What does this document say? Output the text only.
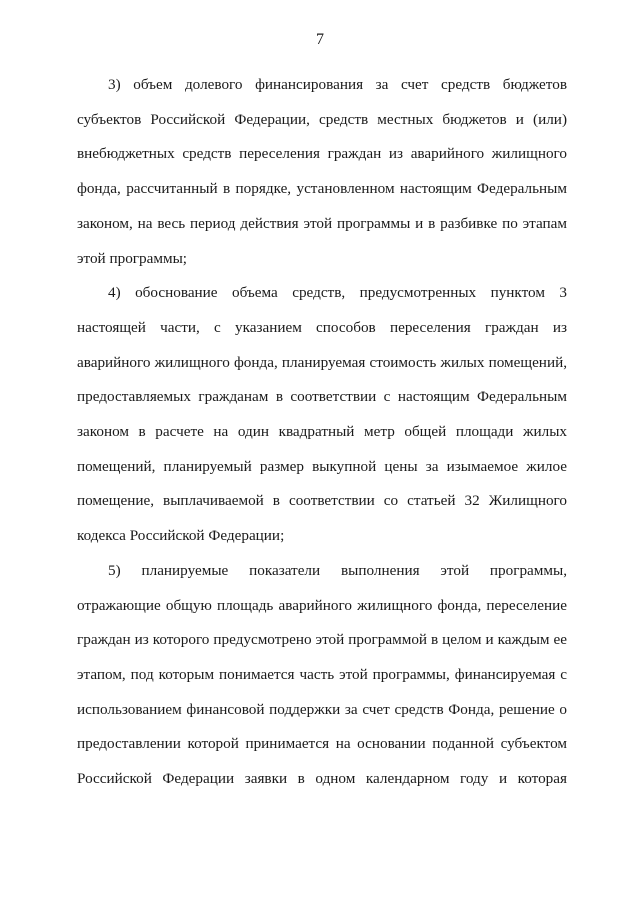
7

3) объем долевого финансирования за счет средств бюджетов субъектов Российской Федерации, средств местных бюджетов и (или) внебюджетных средств переселения граждан из аварийного жилищного фонда, рассчитанный в порядке, установленном настоящим Федеральным законом, на весь период действия этой программы и в разбивке по этапам этой программы;

4) обоснование объема средств, предусмотренных пунктом 3 настоящей части, с указанием способов переселения граждан из аварийного жилищного фонда, планируемая стоимость жилых помещений, предоставляемых гражданам в соответствии с настоящим Федеральным законом в расчете на один квадратный метр общей площади жилых помещений, планируемый размер выкупной цены за изымаемое жилое помещение, выплачиваемой в соответствии со статьей 32 Жилищного кодекса Российской Федерации;

5) планируемые показатели выполнения этой программы, отражающие общую площадь аварийного жилищного фонда, переселение граждан из которого предусмотрено этой программой в целом и каждым ее этапом, под которым понимается часть этой программы, финансируемая с использованием финансовой поддержки за счет средств Фонда, решение о предоставлении которой принимается на основании поданной субъектом Российской Федерации заявки в одном календарном году и которая
